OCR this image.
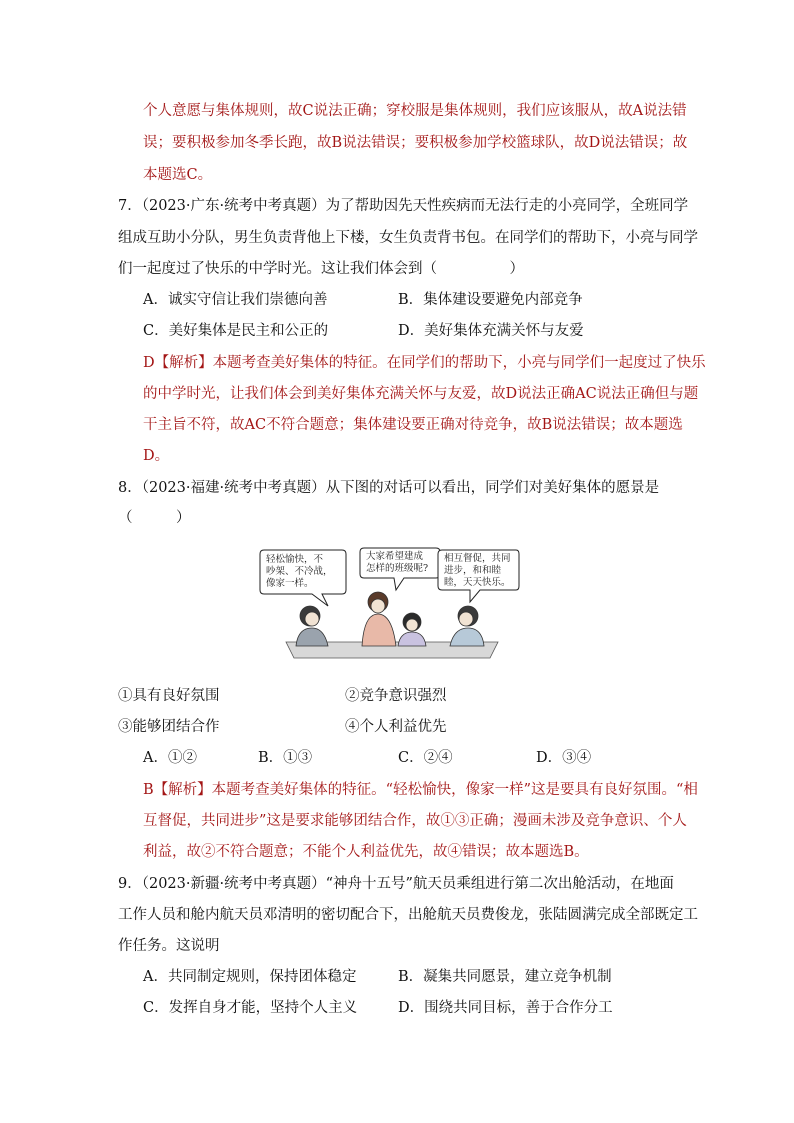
个人意愿与集体规则，故C说法正确；穿校服是集体规则，我们应该服从，故A说法错
误；要积极参加冬季长跑，故B说法错误；要积极参加学校篮球队，故D说法错误；故
本题选C。
7．（2023·广东·统考中考真题）为了帮助因先天性疾病而无法行走的小亮同学，全班同学
组成互助小分队，男生负责背他上下楼，女生负责背书包。在同学们的帮助下，小亮与同学
们一起度过了快乐的中学时光。这让我们体会到（　　　　　）
A．诚实守信让我们崇德向善	B．集体建设要避免内部竞争
C．美好集体是民主和公正的	D．美好集体充满关怀与友爱
D【解析】本题考查美好集体的特征。在同学们的帮助下，小亮与同学们一起度过了快乐
的中学时光，让我们体会到美好集体充满关怀与友爱，故D说法正确AC说法正确但与题
干主旨不符，故AC不符合题意；集体建设要正确对待竞争，故B说法错误；故本题选
D。
8．（2023·福建·统考中考真题）从下图的对话可以看出，同学们对美好集体的愿景是
（　　　）
轻松愉快，不
吵架、不冷战，
像家一样。
大家希望建成
怎样的班级呢?
相互督促，共同
进步，和和睦
睦，天天快乐。
①具有良好氛围	②竞争意识强烈
③能够团结合作	④个人利益优先
A．①②	B．①③	C．②④	D．③④
B【解析】本题考查美好集体的特征。“轻松愉快，像家一样”这是要具有良好氛围。“相
互督促，共同进步”这是要求能够团结合作，故①③正确；漫画未涉及竞争意识、个人
利益，故②不符合题意；不能个人利益优先，故④错误；故本题选B。
9．（2023·新疆·统考中考真题）“神舟十五号”航天员乘组进行第二次出舱活动，在地面
工作人员和舱内航天员邓清明的密切配合下，出舱航天员费俊龙，张陆圆满完成全部既定工
作任务。这说明
A．共同制定规则，保持团体稳定	B．凝集共同愿景，建立竞争机制
C．发挥自身才能，坚持个人主义	D．围绕共同目标，善于合作分工
